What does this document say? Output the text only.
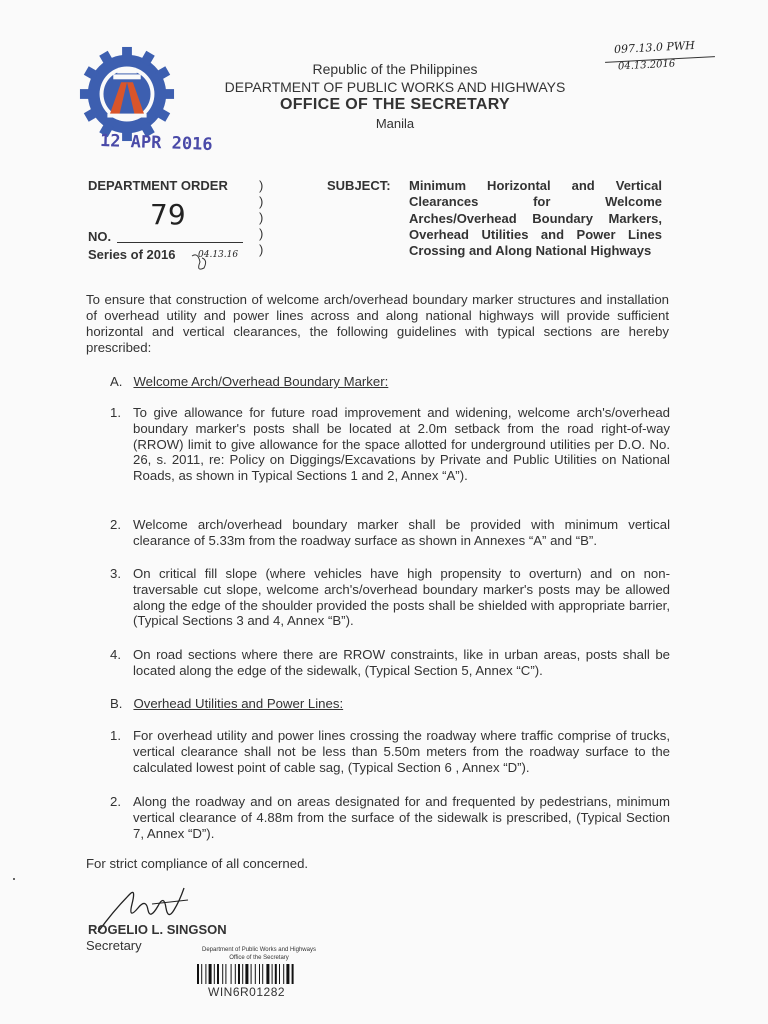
Republic of the Philippines
DEPARTMENT OF PUBLIC WORKS AND HIGHWAYS
OFFICE OF THE SECRETARY
Manila
12 APR 2016
097.13.0 PWH
04.13.2016
DEPARTMENT ORDER
79
NO.
Series of 2016	04.13.16
)
)
)
)
)
SUBJECT: Minimum Horizontal and Vertical Clearances for Welcome Arches/Overhead Boundary Markers, Overhead Utilities and Power Lines Crossing and Along National Highways
To ensure that construction of welcome arch/overhead boundary marker structures and installation of overhead utility and power lines across and along national highways will provide sufficient horizontal and vertical clearances, the following guidelines with typical sections are hereby prescribed:
A. Welcome Arch/Overhead Boundary Marker:
1. To give allowance for future road improvement and widening, welcome arch's/overhead boundary marker's posts shall be located at 2.0m setback from the road right-of-way (RROW) limit to give allowance for the space allotted for underground utilities per D.O. No. 26, s. 2011, re: Policy on Diggings/Excavations by Private and Public Utilities on National Roads, as shown in Typical Sections 1 and 2, Annex “A”).
2. Welcome arch/overhead boundary marker shall be provided with minimum vertical clearance of 5.33m from the roadway surface as shown in Annexes “A” and “B”.
3. On critical fill slope (where vehicles have high propensity to overturn) and on non-traversable cut slope, welcome arch's/overhead boundary marker's posts may be allowed along the edge of the shoulder provided the posts shall be shielded with appropriate barrier, (Typical Sections 3 and 4, Annex “B”).
4. On road sections where there are RROW constraints, like in urban areas, posts shall be located along the edge of the sidewalk, (Typical Section 5, Annex “C”).
B. Overhead Utilities and Power Lines:
1. For overhead utility and power lines crossing the roadway where traffic comprise of trucks, vertical clearance shall not be less than 5.50m meters from the roadway surface to the calculated lowest point of cable sag, (Typical Section 6 , Annex “D”).
2. Along the roadway and on areas designated for and frequented by pedestrians, minimum vertical clearance of 4.88m from the surface of the sidewalk is prescribed, (Typical Section 7, Annex “D”).
For strict compliance of all concerned.
ROGELIO L. SINGSON
Secretary	Department of Public Works and Highways
Office of the Secretary
WIN6R01282
